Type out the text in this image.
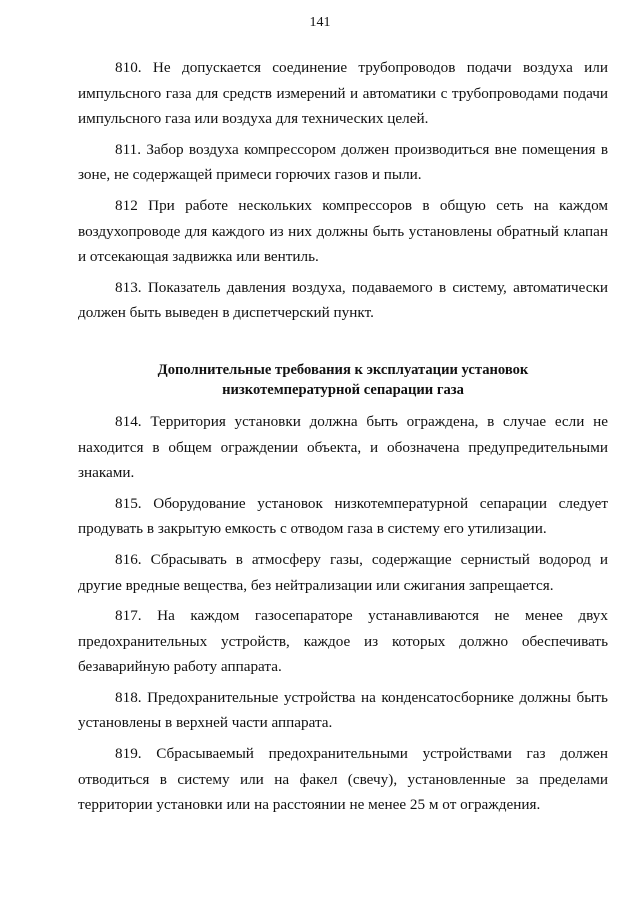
141

810. Не допускается соединение трубопроводов подачи воздуха или импульсного газа для средств измерений и автоматики с трубопроводами подачи импульсного газа или воздуха для технических целей.

811. Забор воздуха компрессором должен производиться вне помещения в зоне, не содержащей примеси горючих газов и пыли.

812 При работе нескольких компрессоров в общую сеть на каждом воздухопроводе для каждого из них должны быть установлены обратный клапан и отсекающая задвижка или вентиль.

813. Показатель давления воздуха, подаваемого в систему, автоматически должен быть выведен в диспетчерский пункт.

Дополнительные требования к эксплуатации установок
низкотемпературной сепарации газа

814. Территория установки должна быть ограждена, в случае если не находится в общем ограждении объекта, и обозначена предупредительными знаками.

815. Оборудование установок низкотемпературной сепарации следует продувать в закрытую емкость с отводом газа в систему его утилизации.

816. Сбрасывать в атмосферу газы, содержащие сернистый водород и другие вредные вещества, без нейтрализации или сжигания запрещается.

817. На каждом газосепараторе устанавливаются не менее двух предохранительных устройств, каждое из которых должно обеспечивать безаварийную работу аппарата.

818. Предохранительные устройства на конденсатосборнике должны быть установлены в верхней части аппарата.

819. Сбрасываемый предохранительными устройствами газ должен отводиться в систему или на факел (свечу), установленные за пределами территории установки или на расстоянии не менее 25 м от ограждения.
